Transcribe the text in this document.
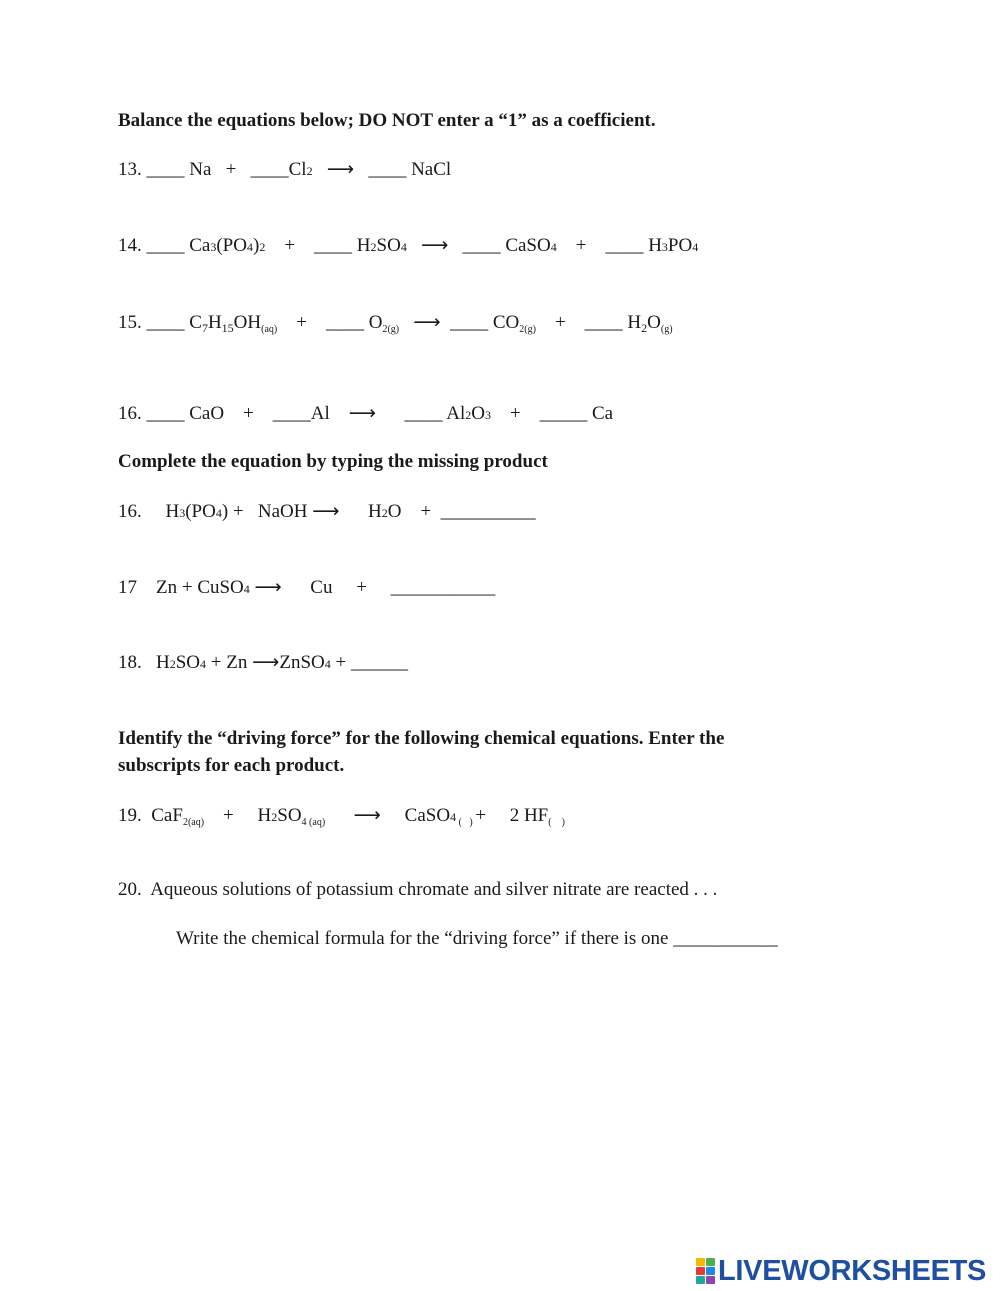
Balance the equations below; DO NOT enter a “1” as a coefficient.
13. ____ Na   +   ____Cl2 ⟶ ____ NaCl
14. ____ Ca3(PO4)2    +    ____ H2SO4 ⟶ ____ CaSO4    +    ____ H3PO4
15. ____ $C_7H_{15}OH_{(aq)}$    +    ____ $O_{2(g)}$ ⟶ ____ $CO_{2(g)}$    +    ____ $H_2O_{(g)}$
16. ____ CaO    +    ____Al ⟶ ____ Al2O3    +    _____ Ca
Complete the equation by typing the missing product
16. H3(PO4) +   NaOH ⟶ H2O    +  __________
17 Zn + CuSO4 ⟶ Cu     +     ___________
18. H2SO4 + Zn ⟶ZnSO4 + ______
Identify the “driving force” for the following chemical equations. Enter the
subscripts for each product.
19. CaF$_{2(aq)}$    +     $H2SO_{4 (aq)}$ ⟶ CaSO4 $_{( )}$ +     2 $HF_{( )}$
20.  Aqueous solutions of potassium chromate and silver nitrate are reacted . . .
Write the chemical formula for the “driving force” if there is one ___________
LIVEWORKSHEETS
